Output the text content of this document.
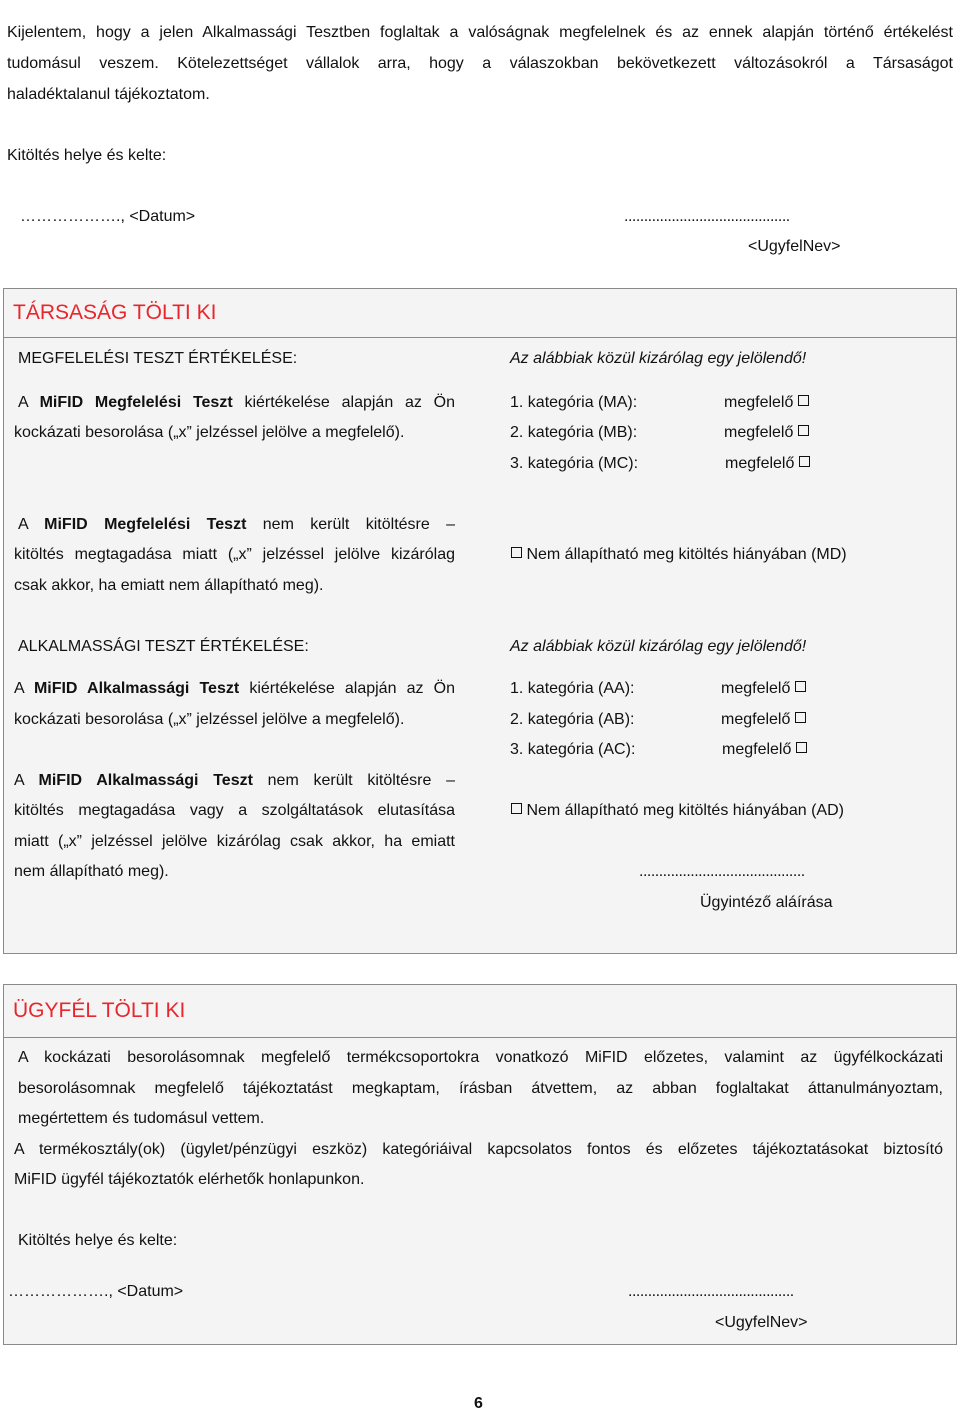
Kijelentem, hogy a jelen Alkalmassági Tesztben foglaltak a valóságnak megfelelnek és az ennek alapján történő értékelést
tudomásul veszem. Kötelezettséget vállalok arra, hogy a válaszokban bekövetkezett változásokról a Társaságot
haladéktalanul tájékoztatom.
Kitöltés helye és kelte:
………………., <Datum>	..........................................
<UgyfelNev>
TÁRSASÁG TÖLTI KI
MEGFELELÉSI TESZT ÉRTÉKELÉSE:	Az alábbiak közül kizárólag egy jelölendő!
A MiFID Megfelelési Teszt kiértékelése alapján az Ön
kockázati besorolása („x” jelzéssel jelölve a megfelelő).
1. kategória (MA):	megfelelő
2. kategória (MB):	megfelelő
3. kategória (MC):	megfelelő
A MiFID Megfelelési Teszt nem került kitöltésre –
kitöltés megtagadása miatt („x” jelzéssel jelölve kizárólag
csak akkor, ha emiatt nem állapítható meg).
Nem állapítható meg kitöltés hiányában (MD)
ALKALMASSÁGI TESZT ÉRTÉKELÉSE:	Az alábbiak közül kizárólag egy jelölendő!
A MiFID Alkalmassági Teszt kiértékelése alapján az Ön
kockázati besorolása („x” jelzéssel jelölve a megfelelő).
1. kategória (AA):	megfelelő
2. kategória (AB):	megfelelő
3. kategória (AC):	megfelelő
A MiFID Alkalmassági Teszt nem került kitöltésre –
kitöltés megtagadása vagy a szolgáltatások elutasítása
miatt („x” jelzéssel jelölve kizárólag csak akkor, ha emiatt
nem állapítható meg).
Nem állapítható meg kitöltés hiányában (AD)
..........................................
Ügyintéző aláírása
ÜGYFÉL TÖLTI KI
A kockázati besorolásomnak megfelelő termékcsoportokra vonatkozó MiFID előzetes, valamint az ügyfélkockázati
besorolásomnak megfelelő tájékoztatást megkaptam, írásban átvettem, az abban foglaltakat áttanulmányoztam,
megértettem és tudomásul vettem.
A termékosztály(ok) (ügylet/pénzügyi eszköz) kategóriáival kapcsolatos fontos és előzetes tájékoztatásokat biztosító
MiFID ügyfél tájékoztatók elérhetők honlapunkon.
Kitöltés helye és kelte:
………………., <Datum>	..........................................
<UgyfelNev>
6
